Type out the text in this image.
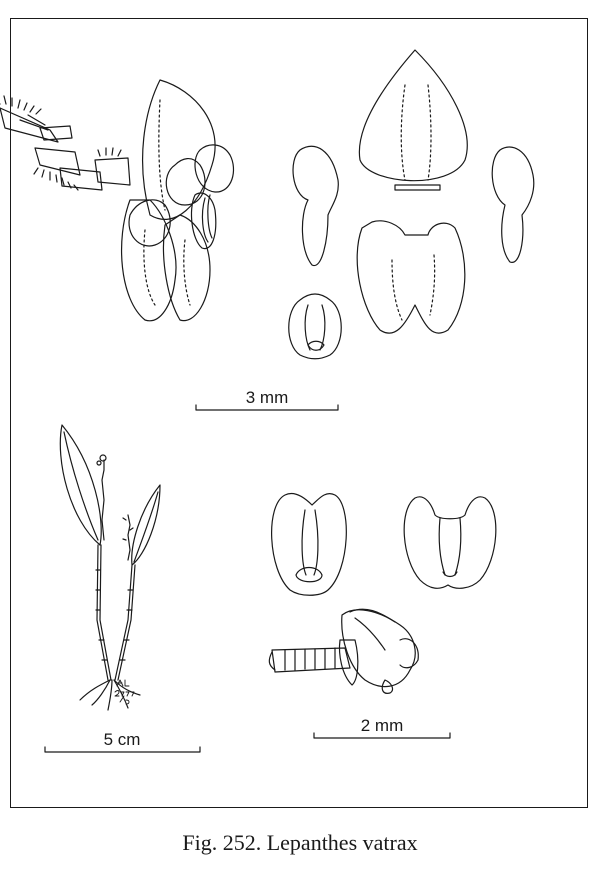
3 mm
5 cm
2 mm
Fig. 252. Lepanthes vatrax
